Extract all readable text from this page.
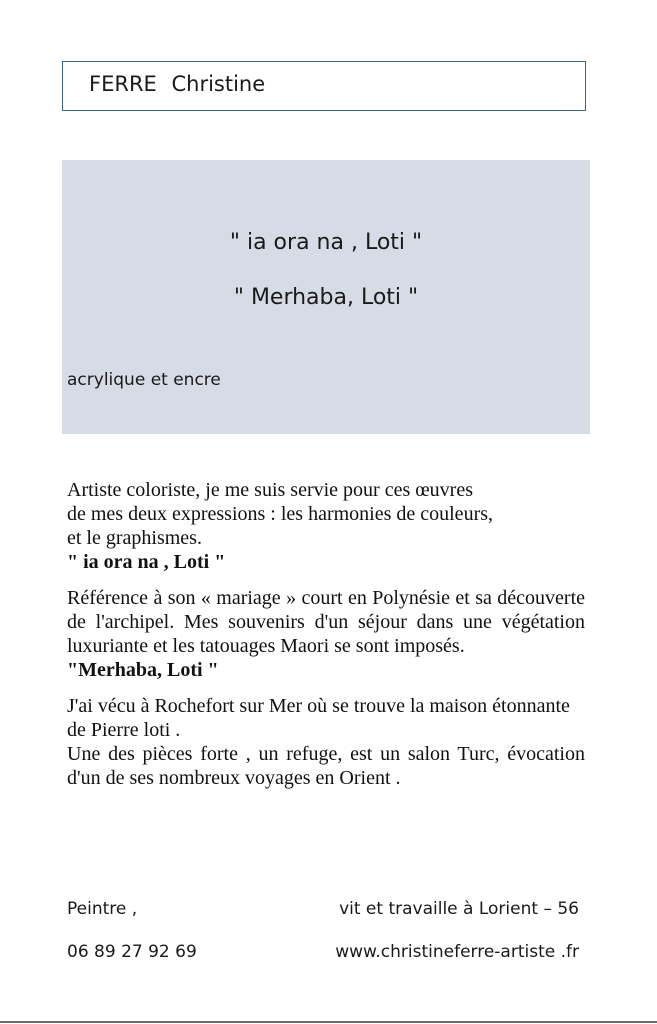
FERRE Christine
" ia ora na , Loti "
" Merhaba, Loti "
acrylique et encre

Artiste coloriste, je me suis servie pour ces œuvres

de mes deux expressions : les harmonies de couleurs,

et le graphismes.

" ia ora na , Loti "

Référence à son « mariage » court en Polynésie et sa découverte de l'archipel. Mes souvenirs d'un séjour dans une végétation luxuriante et les tatouages Maori se sont imposés.

"Merhaba, Loti "

J'ai vécu à Rochefort sur Mer où se trouve la maison étonnante de Pierre loti .

Une des pièces forte , un refuge, est un salon Turc, évocation d'un de ses nombreux voyages en Orient .

Peintre ,	vit et travaille à Lorient – 56
06 89 27 92 69	www.christineferre-artiste .fr
